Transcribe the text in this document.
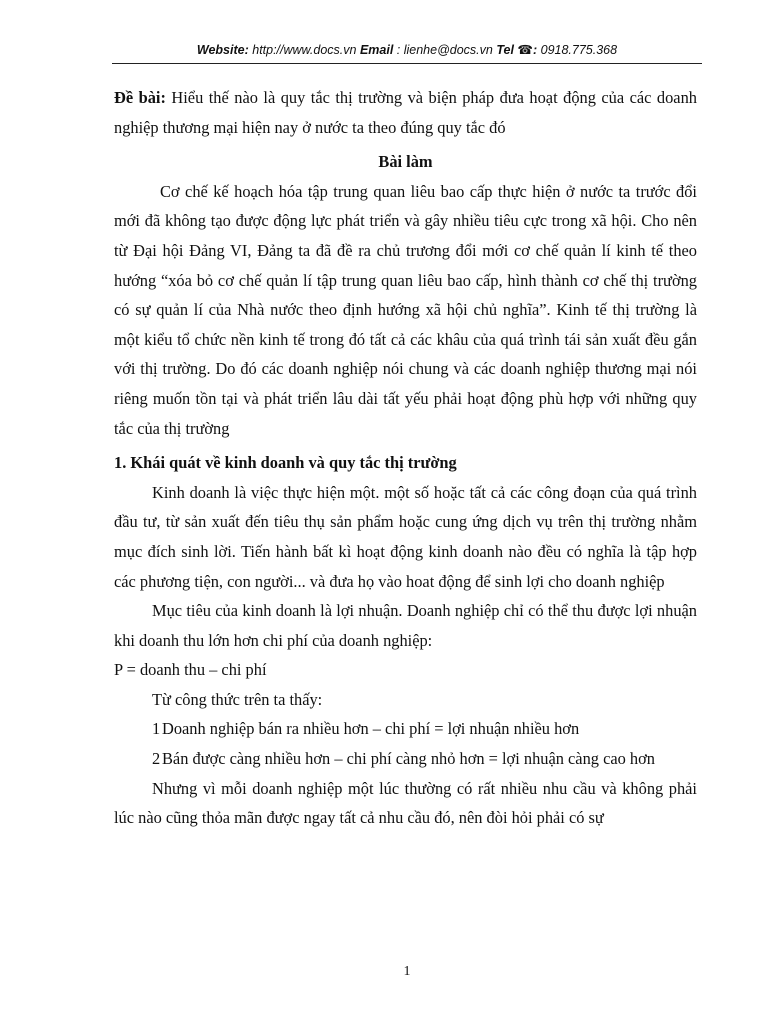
Website: http://www.docs.vn Email : lienhe@docs.vn Tel ☎: 0918.775.368

Đề bài: Hiểu thế nào là quy tắc thị trường và biện pháp đưa hoạt động của các doanh nghiệp thương mại hiện nay ở nước ta theo đúng quy tắc đó

Bài làm

Cơ chế kế hoạch hóa tập trung quan liêu bao cấp thực hiện ở nước ta trước đổi mới đã không tạo được động lực phát triển và gây nhiều tiêu cực trong xã hội. Cho nên từ Đại hội Đảng VI, Đảng ta đã đề ra chủ trương đổi mới cơ chế quản lí kinh tế theo hướng “xóa bỏ cơ chế quản lí tập trung quan liêu bao cấp, hình thành cơ chế thị trường có sự quản lí của Nhà nước theo định hướng xã hội chủ nghĩa”. Kinh tế thị trường là một kiểu tổ chức nền kinh tế trong đó tất cả các khâu của quá trình tái sản xuất đều gắn với thị trường. Do đó các doanh nghiệp nói chung và các doanh nghiệp thương mại nói riêng muốn tồn tại và phát triển lâu dài tất yếu phải hoạt động phù hợp với những quy tắc của thị trường

1. Khái quát về kinh doanh và quy tắc thị trường

Kinh doanh là việc thực hiện một. một số hoặc tất cả các công đoạn của quá trình đầu tư, từ sản xuất đến tiêu thụ sản phẩm hoặc cung ứng dịch vụ trên thị trường nhằm mục đích sinh lời. Tiến hành bất kì hoạt động kinh doanh nào đều có nghĩa là tập hợp các phương tiện, con người... và đưa họ vào hoat động để sinh lợi cho doanh nghiệp

Mục tiêu của kinh doanh là lợi nhuận. Doanh nghiệp chỉ có thể thu được lợi nhuận khi doanh thu lớn hơn chi phí của doanh nghiệp:

P = doanh thu – chi phí

Từ công thức trên ta thấy:

1 Doanh nghiệp bán ra nhiều hơn – chi phí = lợi nhuận nhiều hơn
2 Bán được càng nhiều hơn – chi phí càng nhỏ hơn = lợi nhuận càng cao hơn

Nhưng vì mỗi doanh nghiệp một lúc thường có rất nhiều nhu cầu và không phải lúc nào cũng thỏa mãn được ngay tất cả nhu cầu đó, nên đòi hỏi phải có sự

1
